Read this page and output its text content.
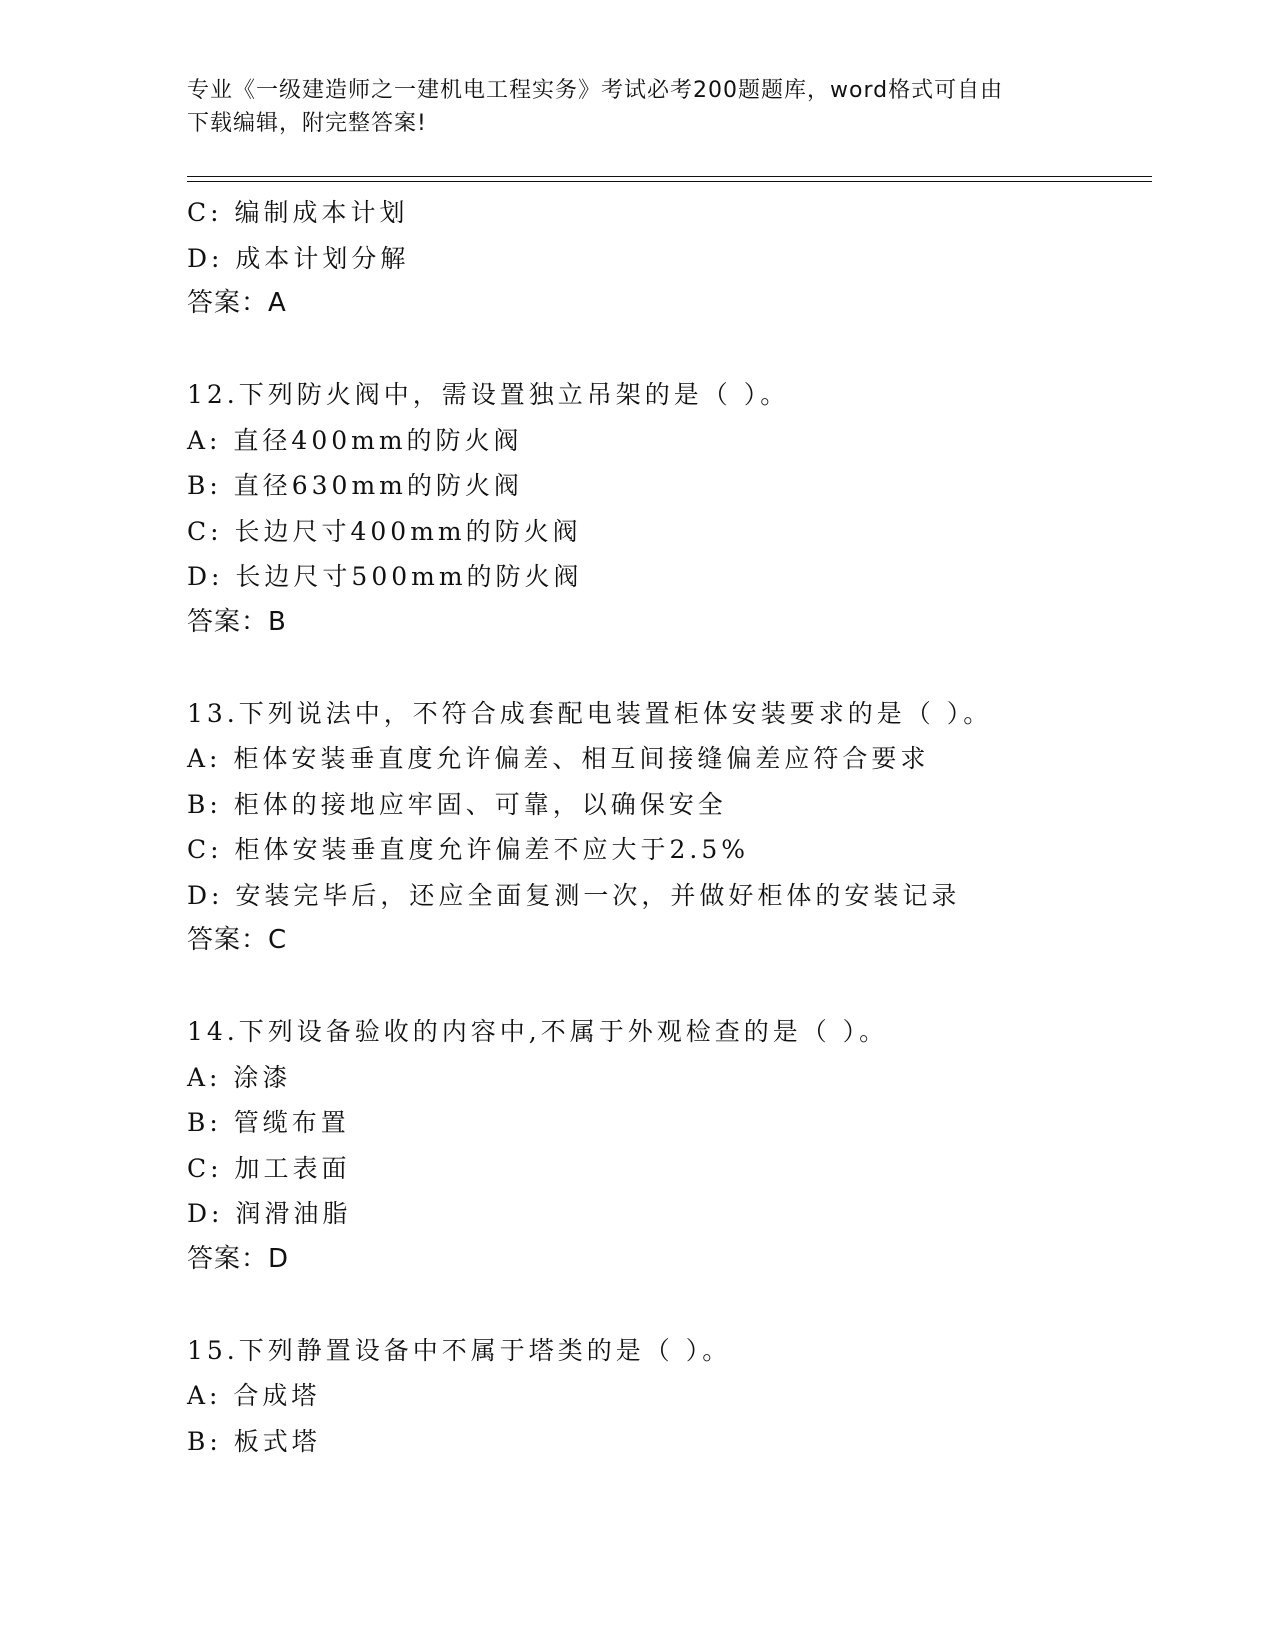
专业《一级建造师之一建机电工程实务》考试必考200题题库，word格式可自由
下载编辑，附完整答案!
C: 编制成本计划
D: 成本计划分解
答案：A
12.下列防火阀中，需设置独立吊架的是（ ）。
A: 直径400mm的防火阀
B: 直径630mm的防火阀
C: 长边尺寸400mm的防火阀
D: 长边尺寸500mm的防火阀
答案：B
13.下列说法中，不符合成套配电装置柜体安装要求的是（ ）。
A: 柜体安装垂直度允许偏差、相互间接缝偏差应符合要求
B: 柜体的接地应牢固、可靠，以确保安全
C: 柜体安装垂直度允许偏差不应大于2.5%
D: 安装完毕后，还应全面复测一次，并做好柜体的安装记录
答案：C
14.下列设备验收的内容中,不属于外观检查的是（ ）。
A: 涂漆
B: 管缆布置
C: 加工表面
D: 润滑油脂
答案：D
15.下列静置设备中不属于塔类的是（ ）。
A: 合成塔
B: 板式塔
